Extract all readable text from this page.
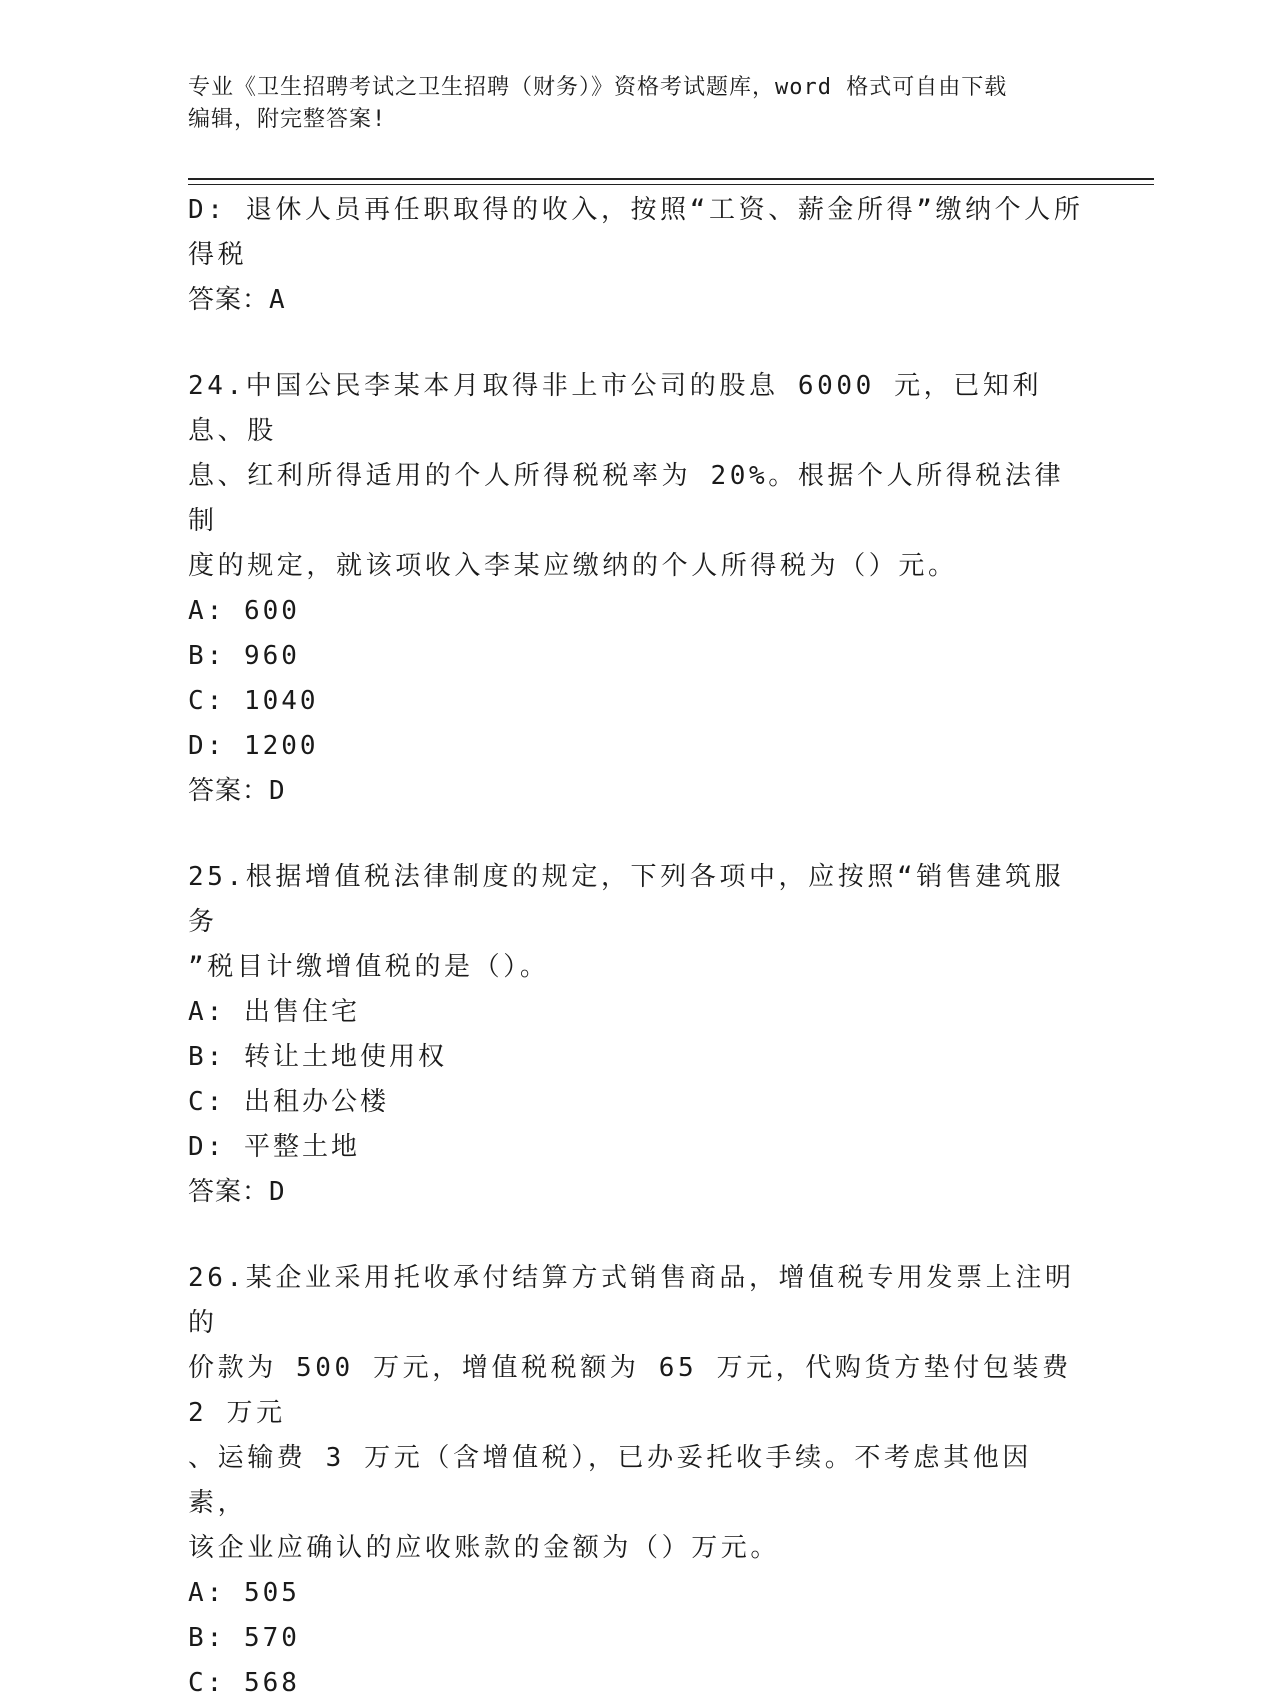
专业《卫生招聘考试之卫生招聘（财务）》资格考试题库，word 格式可自由下载
编辑，附完整答案!
D: 退休人员再任职取得的收入，按照“工资、薪金所得”缴纳个人所
得税
答案：A
24.中国公民李某本月取得非上市公司的股息 6000 元，已知利息、股
息、红利所得适用的个人所得税税率为 20%。根据个人所得税法律制
度的规定，就该项收入李某应缴纳的个人所得税为（）元。
A: 600
B: 960
C: 1040
D: 1200
答案：D
25.根据增值税法律制度的规定，下列各项中，应按照“销售建筑服务
”税目计缴增值税的是（）。
A: 出售住宅
B: 转让土地使用权
C: 出租办公楼
D: 平整土地
答案：D
26.某企业采用托收承付结算方式销售商品，增值税专用发票上注明的
价款为 500 万元，增值税税额为 65 万元，代购货方垫付包装费 2 万元
、运输费 3 万元（含增值税），已办妥托收手续。不考虑其他因素，
该企业应确认的应收账款的金额为（）万元。
A: 505
B: 570
C: 568
